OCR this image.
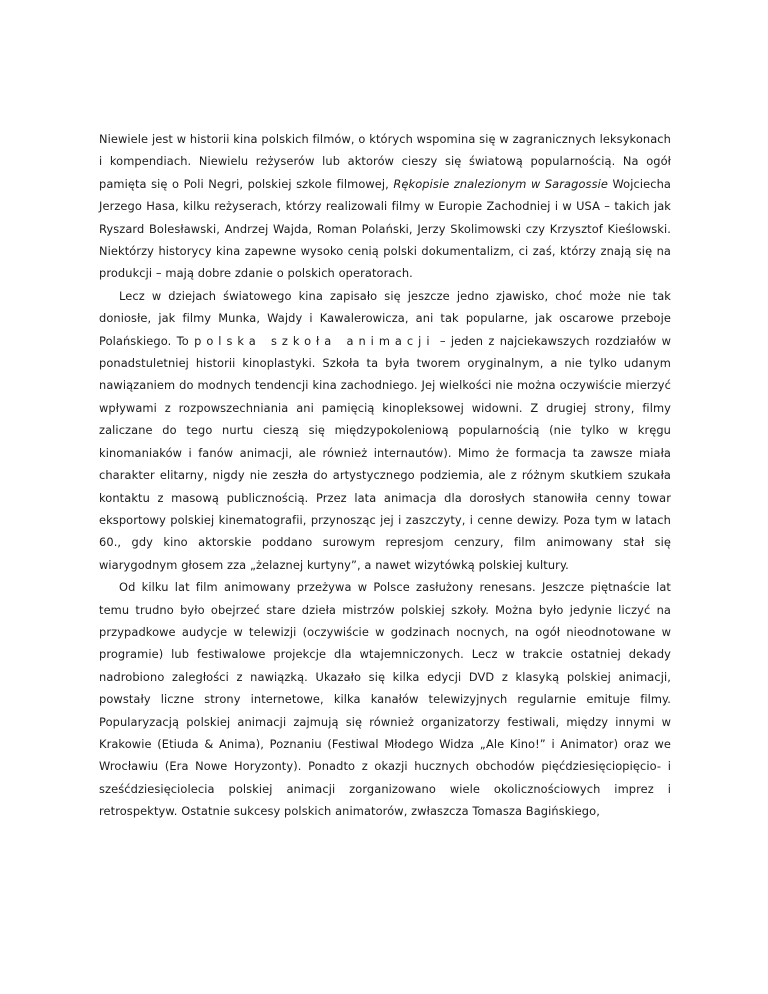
Niewiele jest w historii kina polskich filmów, o których wspomina się w zagranicznych leksykonach i kompendiach. Niewielu reżyserów lub aktorów cieszy się światową popularnością. Na ogół pamięta się o Poli Negri, polskiej szkole filmowej, Rękopisie znalezionym w Saragossie Wojciecha Jerzego Hasa, kilku reżyserach, którzy realizowali filmy w Europie Zachodniej i w USA – takich jak Ryszard Bolesławski, Andrzej Wajda, Roman Polański, Jerzy Skolimowski czy Krzysztof Kieślowski. Niektórzy historycy kina zapewne wysoko cenią polski dokumentalizm, ci zaś, którzy znają się na produkcji – mają dobre zdanie o polskich operatorach.

Lecz w dziejach światowego kina zapisało się jeszcze jedno zjawisko, choć może nie tak doniosłe, jak filmy Munka, Wajdy i Kawalerowicza, ani tak popularne, jak oscarowe przeboje Polańskiego. To polska szkoła animacji – jeden z najciekawszych rozdziałów w ponadstuletniej historii kinoplastyki. Szkoła ta była tworem oryginalnym, a nie tylko udanym nawiązaniem do modnych tendencji kina zachodniego. Jej wielkości nie można oczywiście mierzyć wpływami z rozpowszechniania ani pamięcią kinopleksowej widowni. Z drugiej strony, filmy zaliczane do tego nurtu cieszą się międzypokoleniową popularnością (nie tylko w kręgu kinomaniaków i fanów animacji, ale również internautów). Mimo że formacja ta zawsze miała charakter elitarny, nigdy nie zeszła do artystycznego podziemia, ale z różnym skutkiem szukała kontaktu z masową publicznością. Przez lata animacja dla dorosłych stanowiła cenny towar eksportowy polskiej kinematografii, przynosząc jej i zaszczyty, i cenne dewizy. Poza tym w latach 60., gdy kino aktorskie poddano surowym represjom cenzury, film animowany stał się wiarygodnym głosem zza „żelaznej kurtyny”, a nawet wizytówką polskiej kultury.

Od kilku lat film animowany przeżywa w Polsce zasłużony renesans. Jeszcze piętnaście lat temu trudno było obejrzeć stare dzieła mistrzów polskiej szkoły. Można było jedynie liczyć na przypadkowe audycje w telewizji (oczywiście w godzinach nocnych, na ogół nieodnotowane w programie) lub festiwalowe projekcje dla wtajemniczonych. Lecz w trakcie ostatniej dekady nadrobiono zaległości z nawiązką. Ukazało się kilka edycji DVD z klasyką polskiej animacji, powstały liczne strony internetowe, kilka kanałów telewizyjnych regularnie emituje filmy. Popularyzacją polskiej animacji zajmują się również organizatorzy festiwali, między innymi w Krakowie (Etiuda & Anima), Poznaniu (Festiwal Młodego Widza „Ale Kino!” i Animator) oraz we Wrocławiu (Era Nowe Horyzonty). Ponadto z okazji hucznych obchodów pięćdziesięciopięcio- i sześćdziesięciolecia polskiej animacji zorganizowano wiele okolicznościowych imprez i retrospektyw. Ostatnie sukcesy polskich animatorów, zwłaszcza Tomasza Bagińskiego,
